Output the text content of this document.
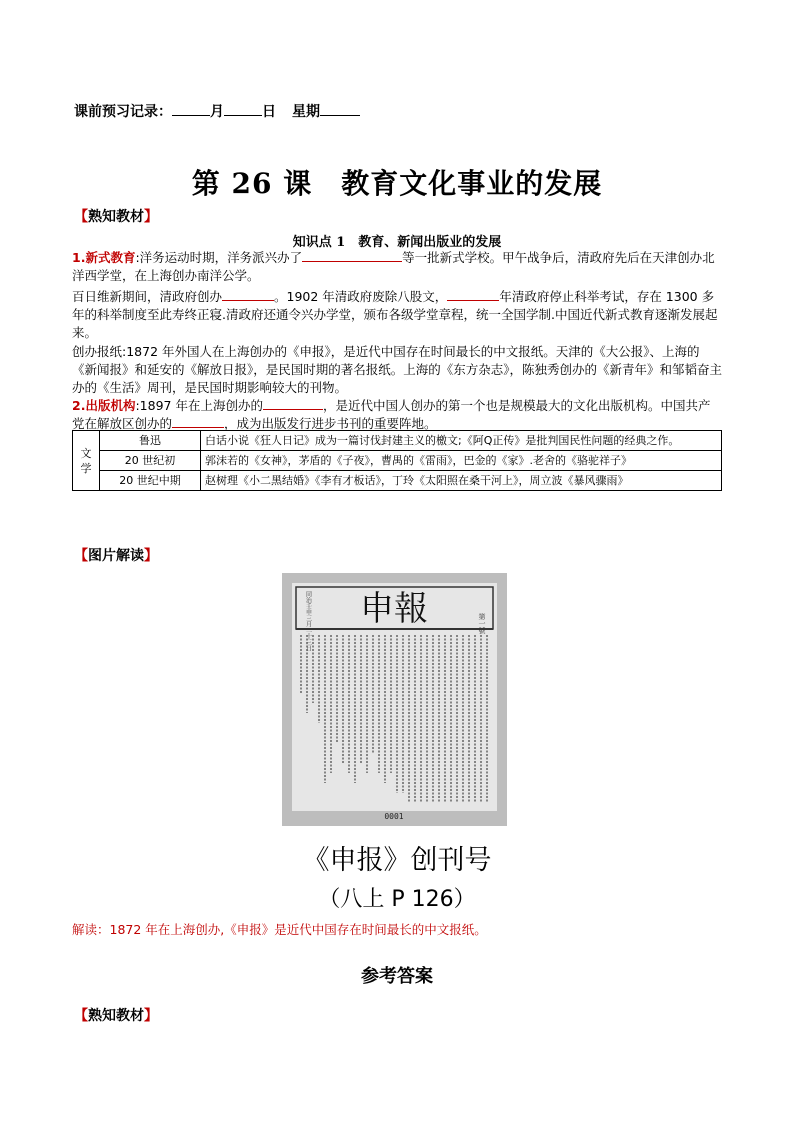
课前预习记录：	月	日 星期
第 26 课　教育文化事业的发展
【熟知教材】
知识点 1　教育、新闻出版业的发展
1.新式教育:洋务运动时期，洋务派兴办了	等一批新式学校。甲午战争后，清政府先后在天津创办北洋西学堂，在上海创办南洋公学。
百日维新期间，清政府创办	。1902 年清政府废除八股文，	年清政府停止科举考试，存在 1300 多年的科举制度至此寿终正寝.清政府还通令兴办学堂，颁布各级学堂章程，统一全国学制.中国近代新式教育逐渐发展起来。
创办报纸:1872 年外国人在上海创办的《申报》，是近代中国存在时间最长的中文报纸。天津的《大公报》、上海的《新闻报》和延安的《解放日报》，是民国时期的著名报纸。上海的《东方杂志》，陈独秀创办的《新青年》和邹韬奋主办的《生活》周刊，是民国时期影响较大的刊物。
2.出版机构:1897 年在上海创办的	，是近代中国人创办的第一个也是规模最大的文化出版机构。中国共产党在解放区创办的	，成为出版发行进步书刊的重要阵地。
文学	鲁迅	白话小说《狂人日记》成为一篇讨伐封建主义的檄文;《阿Q正传》是批判国民性问题的经典之作。
	20 世纪初	郭沫若的《女神》，茅盾的《子夜》，曹禺的《雷雨》，巴金的《家》.老舍的《骆驼祥子》
	20 世纪中期	赵树理《小二黑结婚》《李有才板话》，丁玲《太阳照在桑干河上》，周立波《暴风骤雨》
【图片解读】
申報	第一號
同治壬申三月二十三日
0001
《申报》创刊号
（八上 P 126）
解读：1872 年在上海创办,《申报》是近代中国存在时间最长的中文报纸。
参考答案
【熟知教材】
